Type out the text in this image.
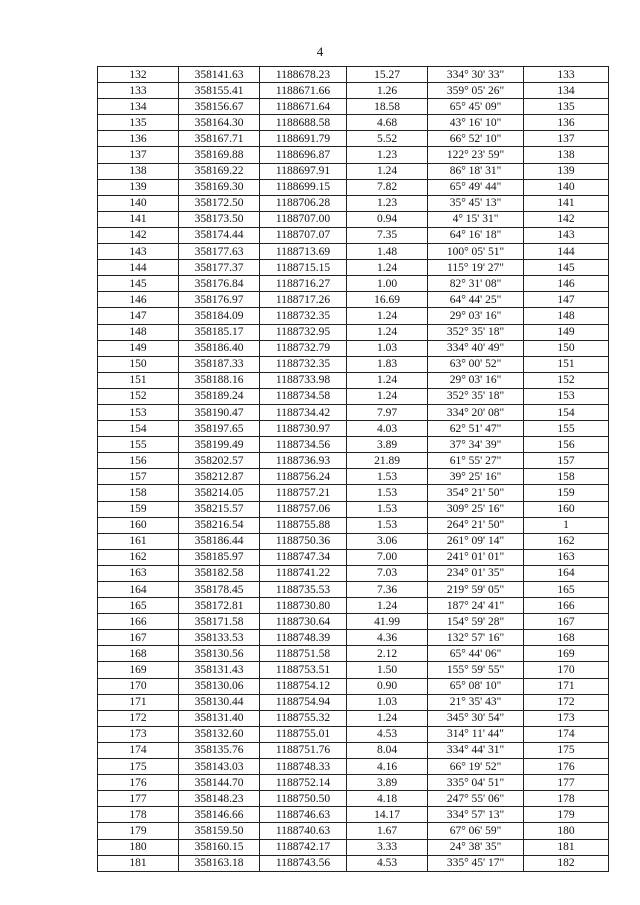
4
132	358141.63	1188678.23	15.27	334° 30' 33"	133
133	358155.41	1188671.66	1.26	359° 05' 26"	134
134	358156.67	1188671.64	18.58	65° 45' 09"	135
135	358164.30	1188688.58	4.68	43° 16' 10"	136
136	358167.71	1188691.79	5.52	66° 52' 10"	137
137	358169.88	1188696.87	1.23	122° 23' 59"	138
138	358169.22	1188697.91	1.24	86° 18' 31"	139
139	358169.30	1188699.15	7.82	65° 49' 44"	140
140	358172.50	1188706.28	1.23	35° 45' 13"	141
141	358173.50	1188707.00	0.94	4° 15' 31"	142
142	358174.44	1188707.07	7.35	64° 16' 18"	143
143	358177.63	1188713.69	1.48	100° 05' 51"	144
144	358177.37	1188715.15	1.24	115° 19' 27"	145
145	358176.84	1188716.27	1.00	82° 31' 08"	146
146	358176.97	1188717.26	16.69	64° 44' 25"	147
147	358184.09	1188732.35	1.24	29° 03' 16"	148
148	358185.17	1188732.95	1.24	352° 35' 18"	149
149	358186.40	1188732.79	1.03	334° 40' 49"	150
150	358187.33	1188732.35	1.83	63° 00' 52"	151
151	358188.16	1188733.98	1.24	29° 03' 16"	152
152	358189.24	1188734.58	1.24	352° 35' 18"	153
153	358190.47	1188734.42	7.97	334° 20' 08"	154
154	358197.65	1188730.97	4.03	62° 51' 47"	155
155	358199.49	1188734.56	3.89	37° 34' 39"	156
156	358202.57	1188736.93	21.89	61° 55' 27"	157
157	358212.87	1188756.24	1.53	39° 25' 16"	158
158	358214.05	1188757.21	1.53	354° 21' 50"	159
159	358215.57	1188757.06	1.53	309° 25' 16"	160
160	358216.54	1188755.88	1.53	264° 21' 50"	1
161	358186.44	1188750.36	3.06	261° 09' 14"	162
162	358185.97	1188747.34	7.00	241° 01' 01"	163
163	358182.58	1188741.22	7.03	234° 01' 35"	164
164	358178.45	1188735.53	7.36	219° 59' 05"	165
165	358172.81	1188730.80	1.24	187° 24' 41"	166
166	358171.58	1188730.64	41.99	154° 59' 28"	167
167	358133.53	1188748.39	4.36	132° 57' 16"	168
168	358130.56	1188751.58	2.12	65° 44' 06"	169
169	358131.43	1188753.51	1.50	155° 59' 55"	170
170	358130.06	1188754.12	0.90	65° 08' 10"	171
171	358130.44	1188754.94	1.03	21° 35' 43"	172
172	358131.40	1188755.32	1.24	345° 30' 54"	173
173	358132.60	1188755.01	4.53	314° 11' 44"	174
174	358135.76	1188751.76	8.04	334° 44' 31"	175
175	358143.03	1188748.33	4.16	66° 19' 52"	176
176	358144.70	1188752.14	3.89	335° 04' 51"	177
177	358148.23	1188750.50	4.18	247° 55' 06"	178
178	358146.66	1188746.63	14.17	334° 57' 13"	179
179	358159.50	1188740.63	1.67	67° 06' 59"	180
180	358160.15	1188742.17	3.33	24° 38' 35"	181
181	358163.18	1188743.56	4.53	335° 45' 17"	182
